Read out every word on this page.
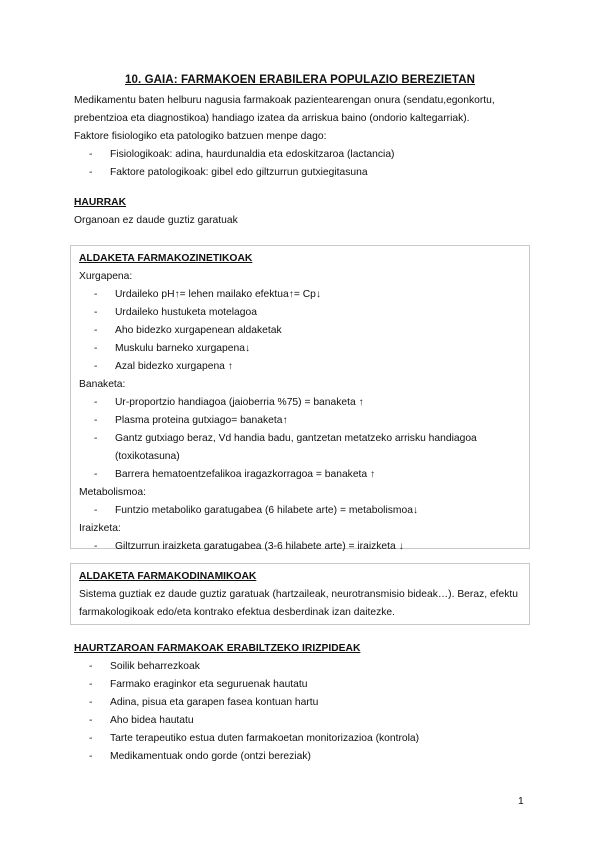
10. GAIA: FARMAKOEN ERABILERA POPULAZIO BEREZIETAN

Medikamentu baten helburu nagusia farmakoak pazientearengan onura (sendatu,egonkortu, prebentzioa eta diagnostikoa) handiago izatea da arriskua baino (ondorio kaltegarriak).

Faktore fisiologiko eta patologiko batzuen menpe dago:

- Fisiologikoak: adina, haurdunaldia eta edoskitzaroa (lactancia)
- Faktore patologikoak: gibel edo giltzurrun gutxiegitasuna

HAURRAK

Organoan ez daude guztiz garatuak

ALDAKETA FARMAKOZINETIKOAK

Xurgapena:

- Urdaileko pH↑= lehen mailako efektua↑= Cp↓
- Urdaileko hustuketa motelagoa
- Aho bidezko xurgapenean aldaketak
- Muskulu barneko xurgapena↓
- Azal bidezko xurgapena ↑

Banaketa:

- Ur-proportzio handiagoa (jaioberria %75) = banaketa ↑
- Plasma proteina gutxiago= banaketa↑
- Gantz gutxiago beraz, Vd handia badu, gantzetan metatzeko arrisku handiagoa (toxikotasuna)
- Barrera hematoentzefalikoa iragazkorragoa = banaketa ↑

Metabolismoa:

- Funtzio metaboliko garatugabea (6 hilabete arte) = metabolismoa↓

Iraizketa:

- Giltzurrun iraizketa garatugabea (3-6 hilabete arte) = iraizketa ↓

ALDAKETA FARMAKODINAMIKOAK

Sistema guztiak ez daude guztiz garatuak (hartzaileak, neurotransmisio bideak…). Beraz, efektu farmakologikoak edo/eta kontrako efektua desberdinak izan daitezke.

HAURTZAROAN FARMAKOAK ERABILTZEKO IRIZPIDEAK

- Soilik beharrezkoak
- Farmako eraginkor eta seguruenak hautatu
- Adina, pisua eta garapen fasea kontuan hartu
- Aho bidea hautatu
- Tarte terapeutiko estua duten farmakoetan monitorizazioa (kontrola)
- Medikamentuak ondo gorde (ontzi bereziak)
1
